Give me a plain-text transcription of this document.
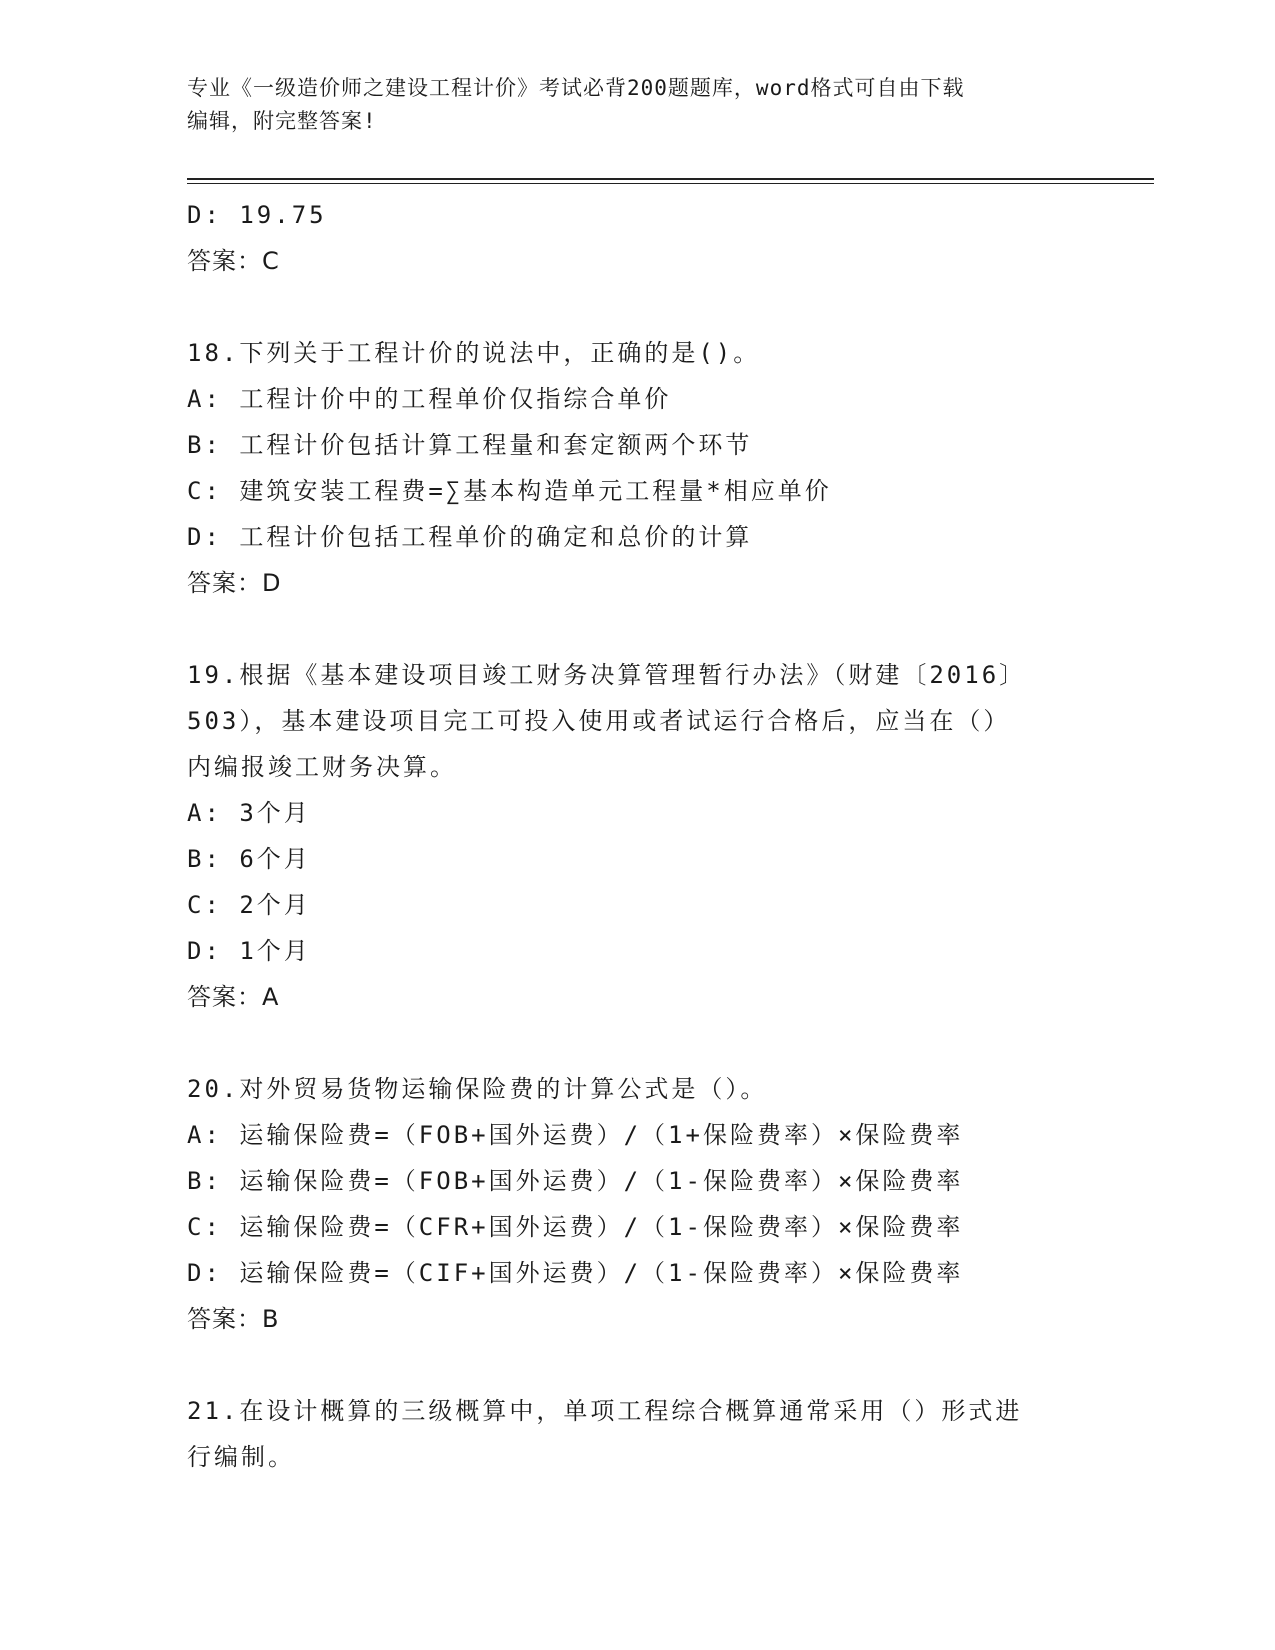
专业《一级造价师之建设工程计价》考试必背200题题库，word格式可自由下载
编辑，附完整答案!
D: 19.75
答案：C
18.下列关于工程计价的说法中，正确的是()。
A: 工程计价中的工程单价仅指综合单价
B: 工程计价包括计算工程量和套定额两个环节
C: 建筑安装工程费=∑基本构造单元工程量*相应单价
D: 工程计价包括工程单价的确定和总价的计算
答案：D
19.根据《基本建设项目竣工财务决算管理暂行办法》（财建〔2016〕
503），基本建设项目完工可投入使用或者试运行合格后，应当在（）
内编报竣工财务决算。
A: 3个月
B: 6个月
C: 2个月
D: 1个月
答案：A
20.对外贸易货物运输保险费的计算公式是（）。
A: 运输保险费=（FOB+国外运费）/（1+保险费率）×保险费率
B: 运输保险费=（FOB+国外运费）/（1-保险费率）×保险费率
C: 运输保险费=（CFR+国外运费）/（1-保险费率）×保险费率
D: 运输保险费=（CIF+国外运费）/（1-保险费率）×保险费率
答案：B
21.在设计概算的三级概算中，单项工程综合概算通常采用（）形式进
行编制。
